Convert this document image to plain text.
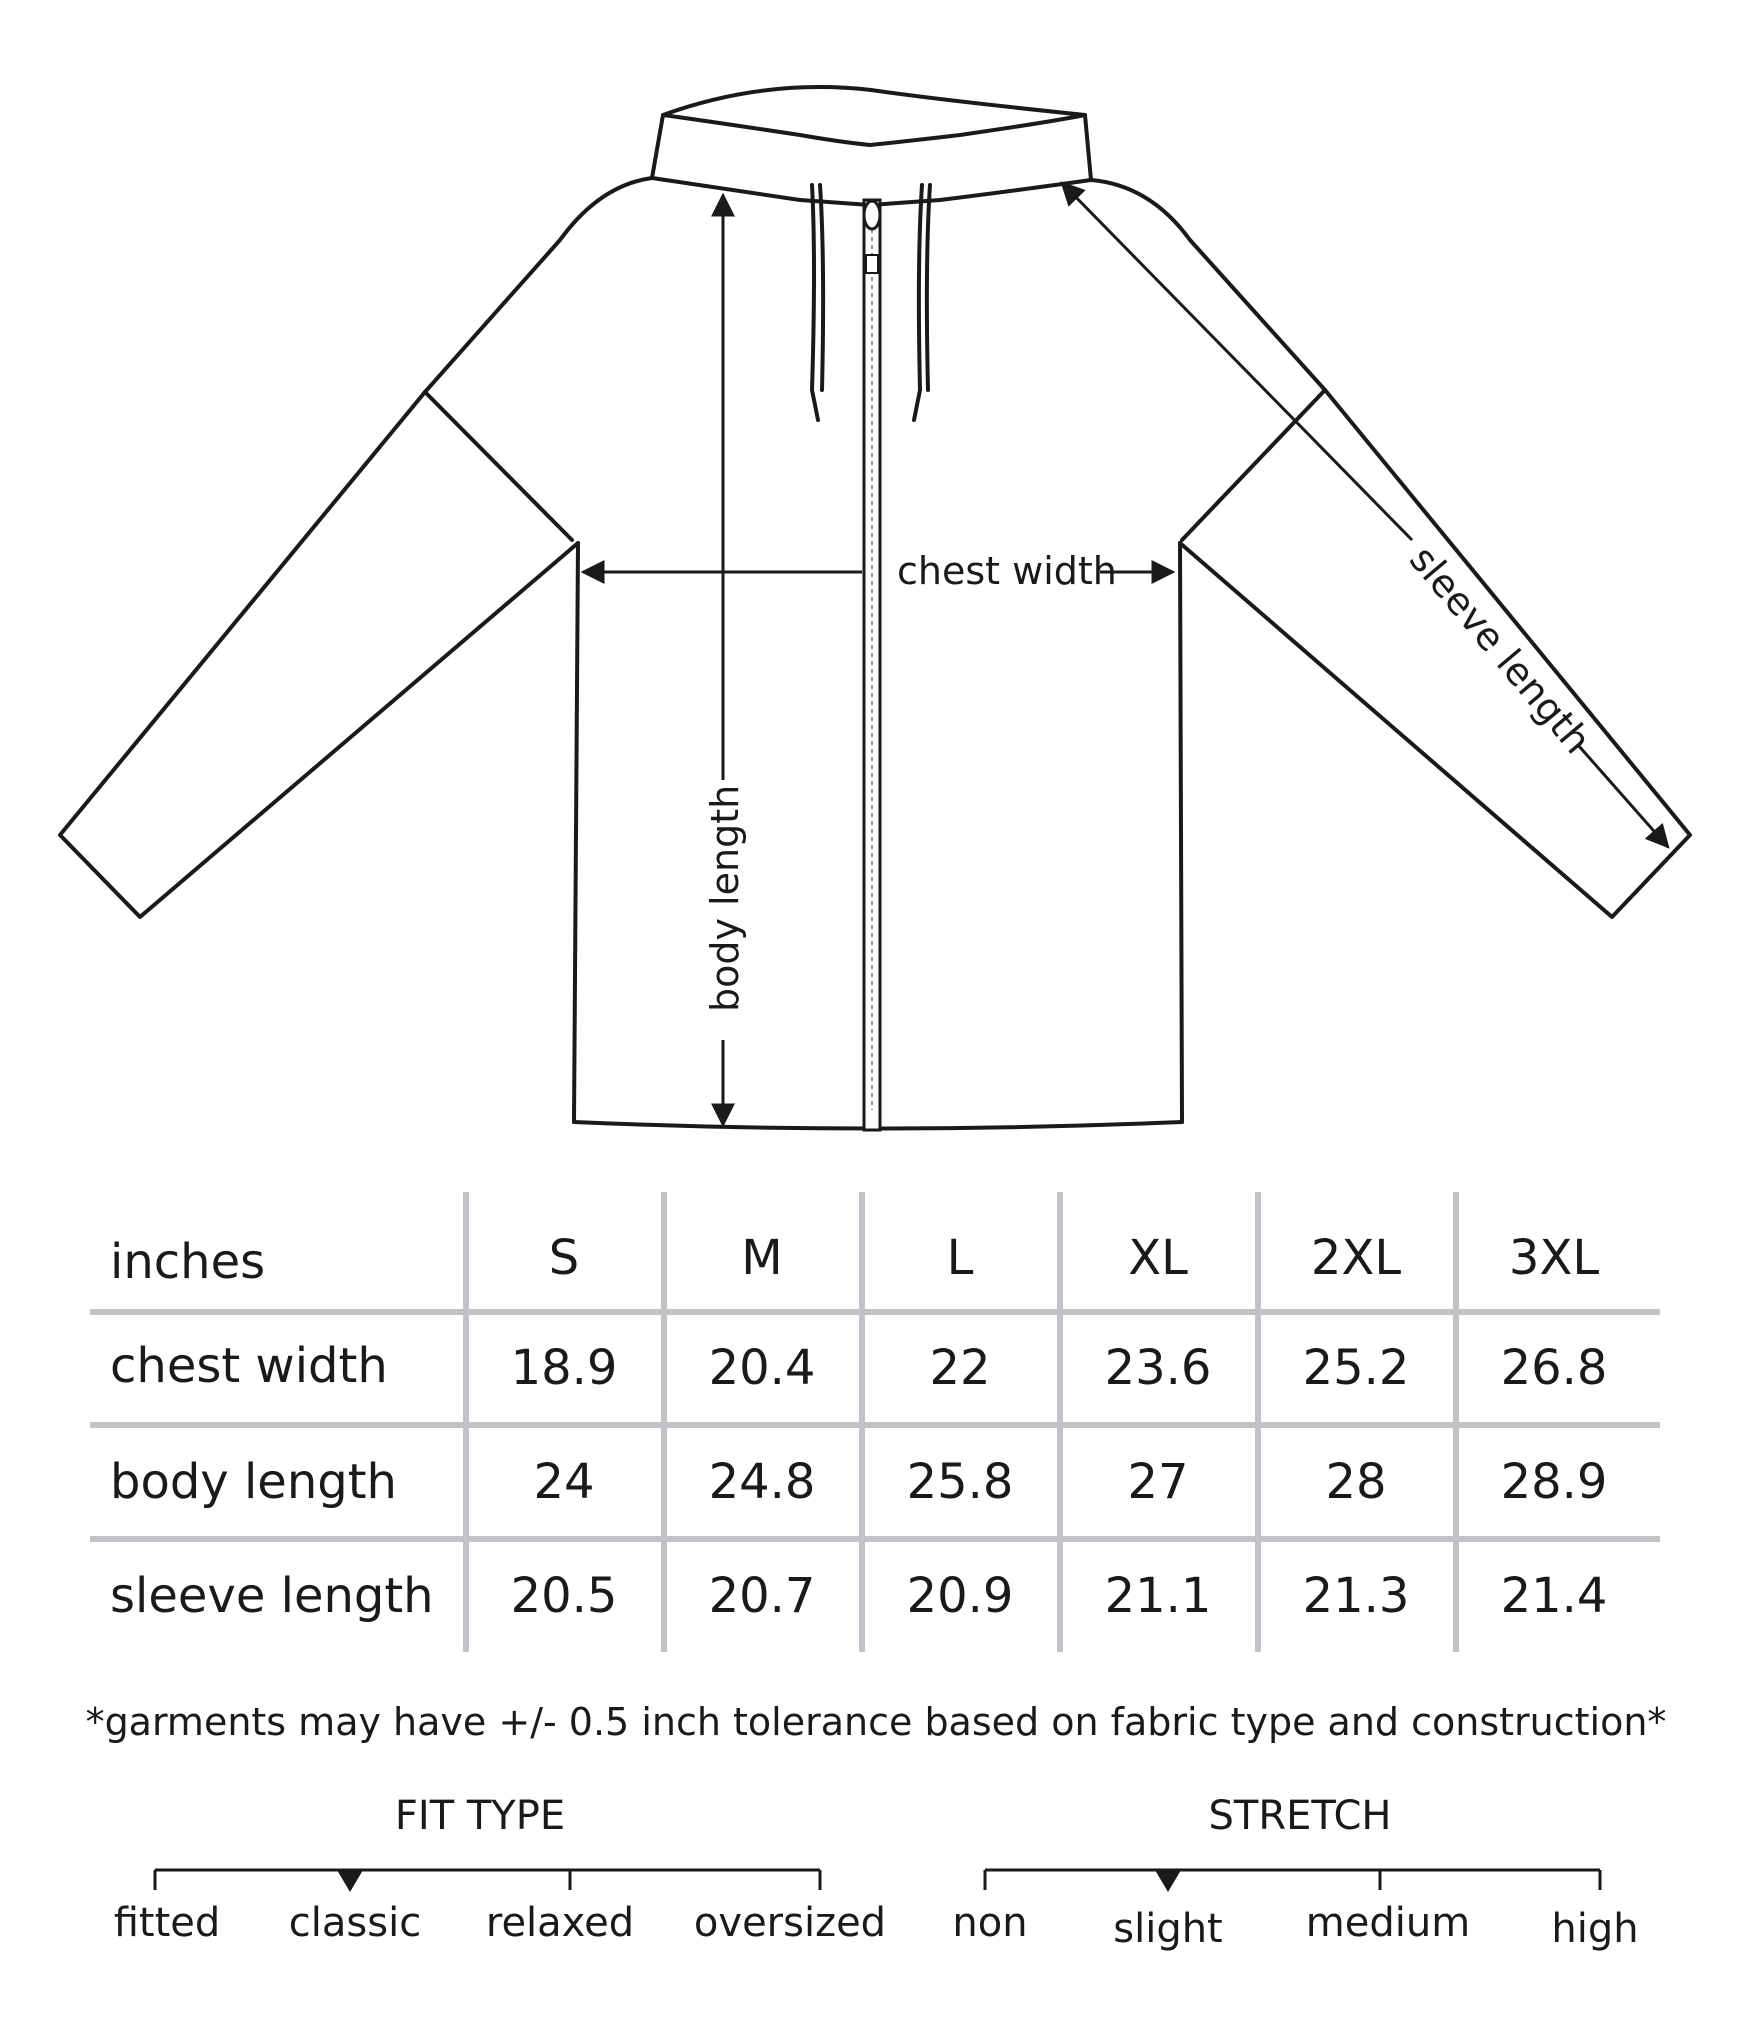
chest width
body length
sleeve length
inches	S	M	L	XL	2XL	3XL
chest width	18.9	20.4	22	23.6	25.2	26.8
body length	24	24.8	25.8	27	28	28.9
sleeve length	20.5	20.7	20.9	21.1	21.3	21.4
*garments may have +/- 0.5 inch tolerance based on fabric type and construction*
FIT TYPE
fitted classic relaxed oversized
STRETCH
non slight medium high
